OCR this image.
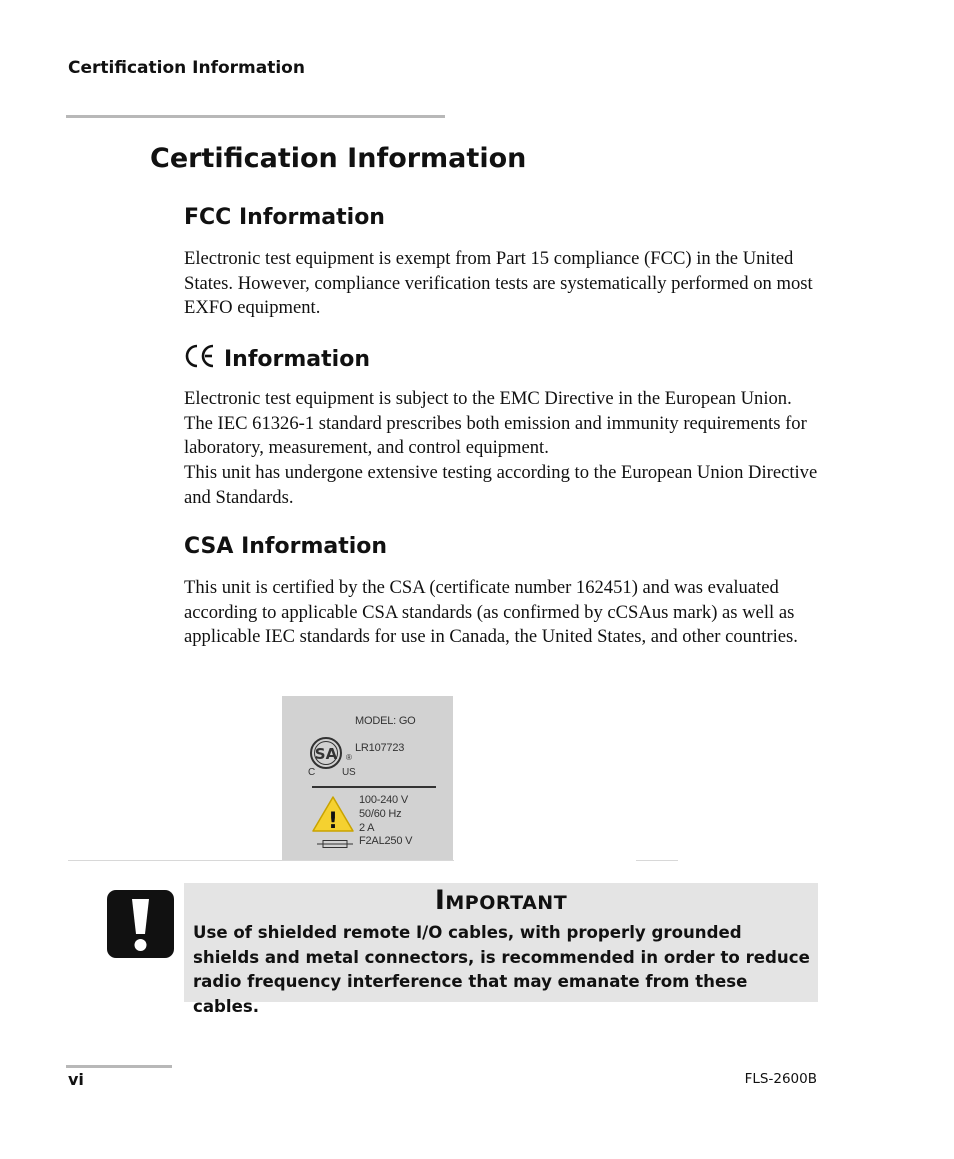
Certification Information
Certification Information
FCC Information

Electronic test equipment is exempt from Part 15 compliance (FCC) in the United States. However, compliance verification tests are systematically performed on most EXFO equipment.

Information

Electronic test equipment is subject to the EMC Directive in the European Union. The IEC 61326-1 standard prescribes both emission and immunity requirements for laboratory, measurement, and control equipment.

This unit has undergone extensive testing according to the European Union Directive and Standards.

CSA Information

This unit is certified by the CSA (certificate number 162451) and was evaluated according to applicable CSA standards (as confirmed by cCSAus mark) as well as applicable IEC standards for use in Canada, the United States, and other countries.

MODEL: GO
SA ®
C	US
LR107723
!
100-240 V
50/60 Hz
2 A
F2AL250 V
Important

Use of shielded remote I/O cables, with properly grounded shields and metal connectors, is recommended in order to reduce radio frequency interference that may emanate from these cables.

vi	FLS-2600B
